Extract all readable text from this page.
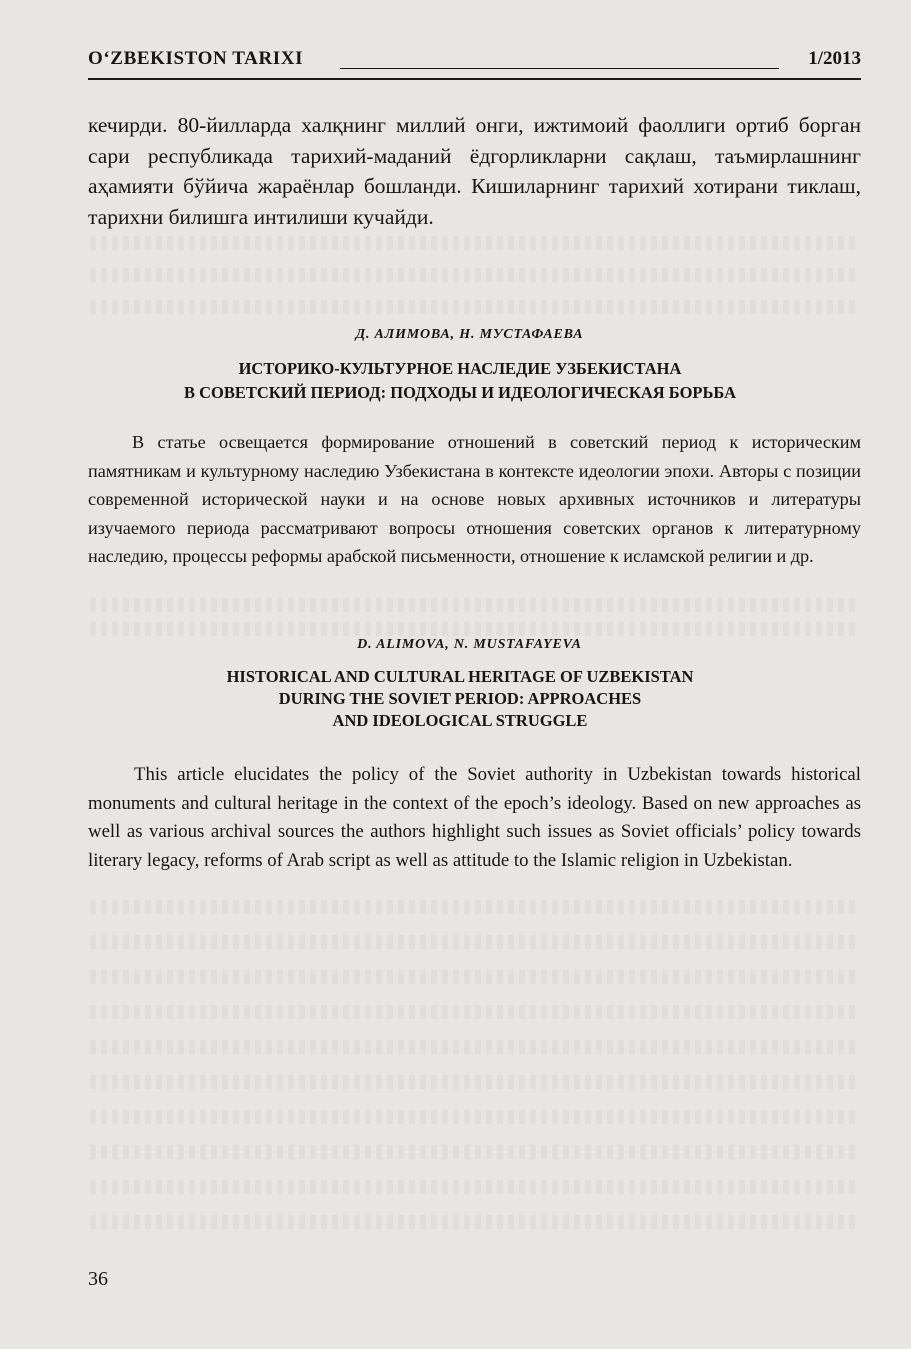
O‘ZBEKISTON TARIXI	1/2013

кечирди. 80-йилларда халқнинг миллий онги, ижтимоий фаоллиги ортиб борган сари республикада тарихий-маданий ёдгорликларни сақлаш, таъмирлашнинг аҳамияти бўйича жараёнлар бошланди. Кишиларнинг тарихий хотирани тиклаш, тарихни билишга интилиши кучайди.

Д. АЛИМОВА, Н. МУСТАФАЕВА
ИСТОРИКО-КУЛЬТУРНОЕ НАСЛЕДИЕ УЗБЕКИСТАНА
В СОВЕТСКИЙ ПЕРИОД: ПОДХОДЫ И ИДЕОЛОГИЧЕСКАЯ БОРЬБА

В статье освещается формирование отношений в советский период к историческим памятникам и культурному наследию Узбекистана в контексте идеологии эпохи. Авторы с позиции современной исторической науки и на основе новых архивных источников и литературы изучаемого периода рассматривают вопросы отношения советских органов к литературному наследию, процессы реформы арабской письменности, отношение к исламской религии и др.

D. ALIMOVA, N. MUSTAFAYEVA
HISTORICAL AND CULTURAL HERITAGE OF UZBEKISTAN
DURING THE SOVIET PERIOD: APPROACHES
AND IDEOLOGICAL STRUGGLE

This article elucidates the policy of the Soviet authority in Uzbekistan towards historical monuments and cultural heritage in the context of the epoch’s ideology. Based on new approaches as well as various archival sources the authors highlight such issues as Soviet officials’ policy towards literary legacy, reforms of Arab script as well as attitude to the Islamic religion in Uzbekistan.

36
